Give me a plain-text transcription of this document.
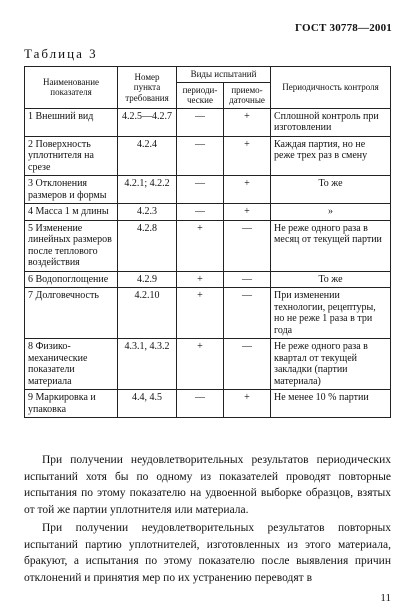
ГОСТ 30778—2001
Таблица 3
Наименование показателя	Номер пункта требования	Виды испытаний		Периодичность контроля
		периоди-ческие	приемо-даточные	
1 Внешний вид	4.2.5—4.2.7	—	+	Сплошной контроль при изготовлении
2 Поверхность уплотнителя на срезе	4.2.4	—	+	Каждая партия, но не реже трех раз в смену
3 Отклонения размеров и формы	4.2.1; 4.2.2	—	+	То же
4 Масса 1 м длины	4.2.3	—	+	»
5 Изменение линейных размеров после теплового воздействия	4.2.8	+	—	Не реже одного раза в месяц от текущей партии
6 Водопоглощение	4.2.9	+	—	То же
7 Долговечность	4.2.10	+	—	При изменении технологии, рецептуры, но не реже 1 раза в три года
8 Физико-механические показатели материала	4.3.1, 4.3.2	+	—	Не реже одного раза в квартал от текущей закладки (партии материала)
9 Маркировка и упаковка	4.4, 4.5	—	+	Не менее 10 % партии

При получении неудовлетворительных результатов периодических испытаний хотя бы по одному из показателей проводят повторные испытания по этому показателю на удвоенной выборке образцов, взятых от той же партии уплотнителя или материала.

При получении неудовлетворительных результатов повторных испытаний партию уплотнителей, изготовленных из этого материала, бракуют, а испытания по этому показателю после выявления причин отклонений и принятия мер по их устранению переводят в

11
